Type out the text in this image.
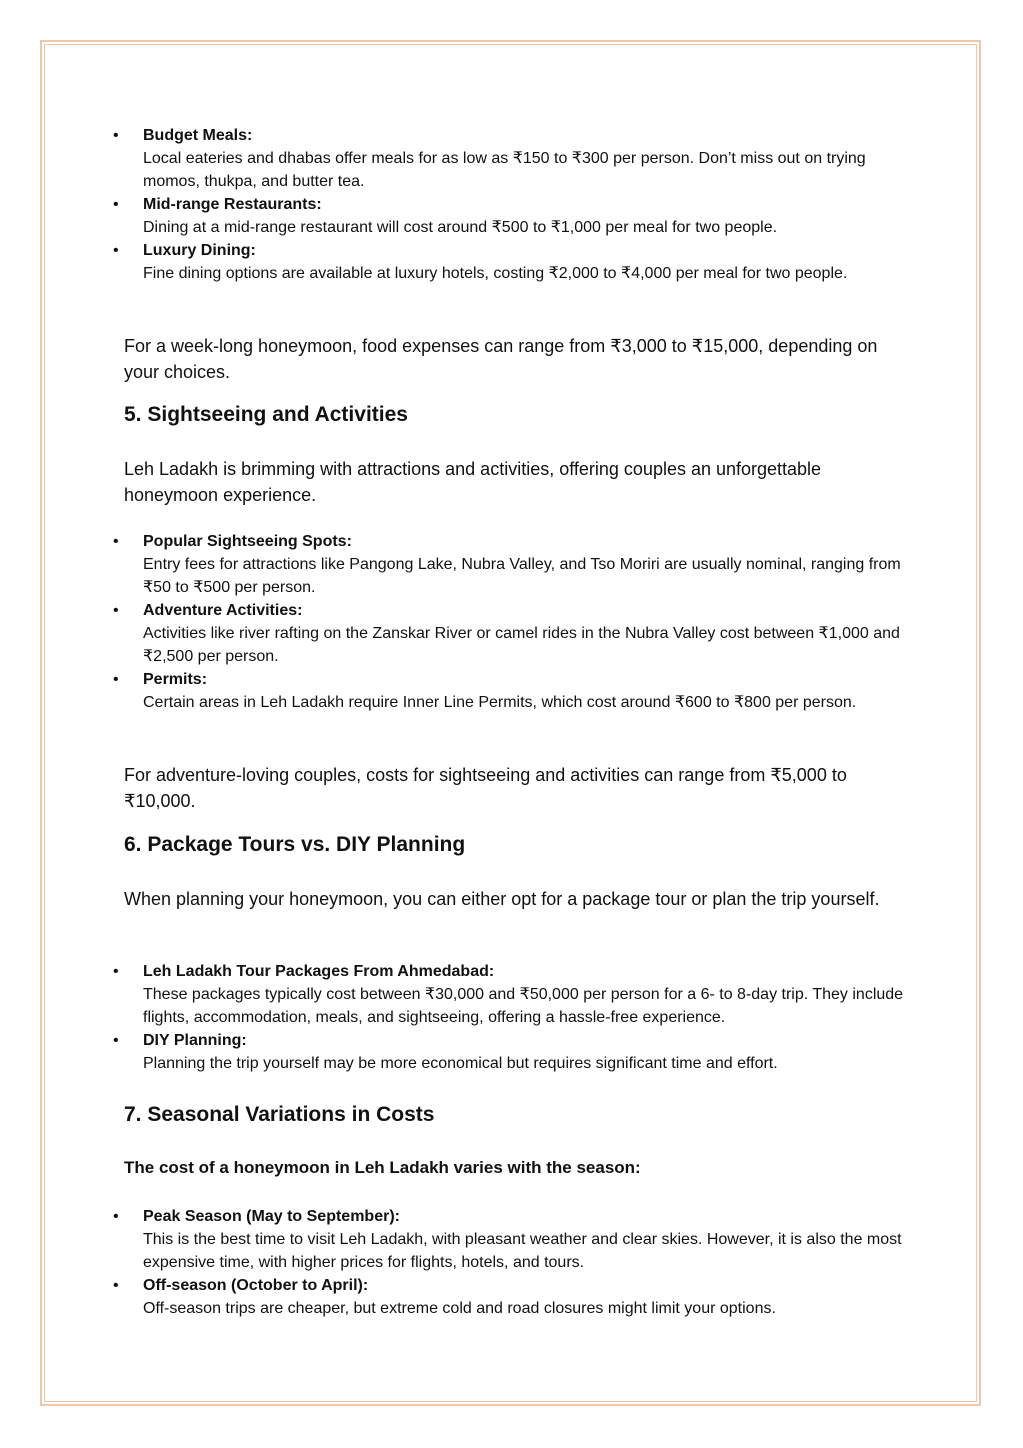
• Budget Meals:
Local eateries and dhabas offer meals for as low as ₹150 to ₹300 per person. Don’t miss out on trying momos, thukpa, and butter tea.
• Mid-range Restaurants:
Dining at a mid-range restaurant will cost around ₹500 to ₹1,000 per meal for two people.
• Luxury Dining:
Fine dining options are available at luxury hotels, costing ₹2,000 to ₹4,000 per meal for two people.

For a week-long honeymoon, food expenses can range from ₹3,000 to ₹15,000, depending on your choices.

5. Sightseeing and Activities

Leh Ladakh is brimming with attractions and activities, offering couples an unforgettable honeymoon experience.

• Popular Sightseeing Spots:
Entry fees for attractions like Pangong Lake, Nubra Valley, and Tso Moriri are usually nominal, ranging from ₹50 to ₹500 per person.
• Adventure Activities:
Activities like river rafting on the Zanskar River or camel rides in the Nubra Valley cost between ₹1,000 and ₹2,500 per person.
• Permits:
Certain areas in Leh Ladakh require Inner Line Permits, which cost around ₹600 to ₹800 per person.

For adventure-loving couples, costs for sightseeing and activities can range from ₹5,000 to ₹10,000.

6. Package Tours vs. DIY Planning

When planning your honeymoon, you can either opt for a package tour or plan the trip yourself.

• Leh Ladakh Tour Packages From Ahmedabad:
These packages typically cost between ₹30,000 and ₹50,000 per person for a 6- to 8-day trip. They include flights, accommodation, meals, and sightseeing, offering a hassle-free experience.
• DIY Planning:
Planning the trip yourself may be more economical but requires significant time and effort.
7. Seasonal Variations in Costs

The cost of a honeymoon in Leh Ladakh varies with the season:

• Peak Season (May to September):
This is the best time to visit Leh Ladakh, with pleasant weather and clear skies. However, it is also the most expensive time, with higher prices for flights, hotels, and tours.
• Off-season (October to April):
Off-season trips are cheaper, but extreme cold and road closures might limit your options.
